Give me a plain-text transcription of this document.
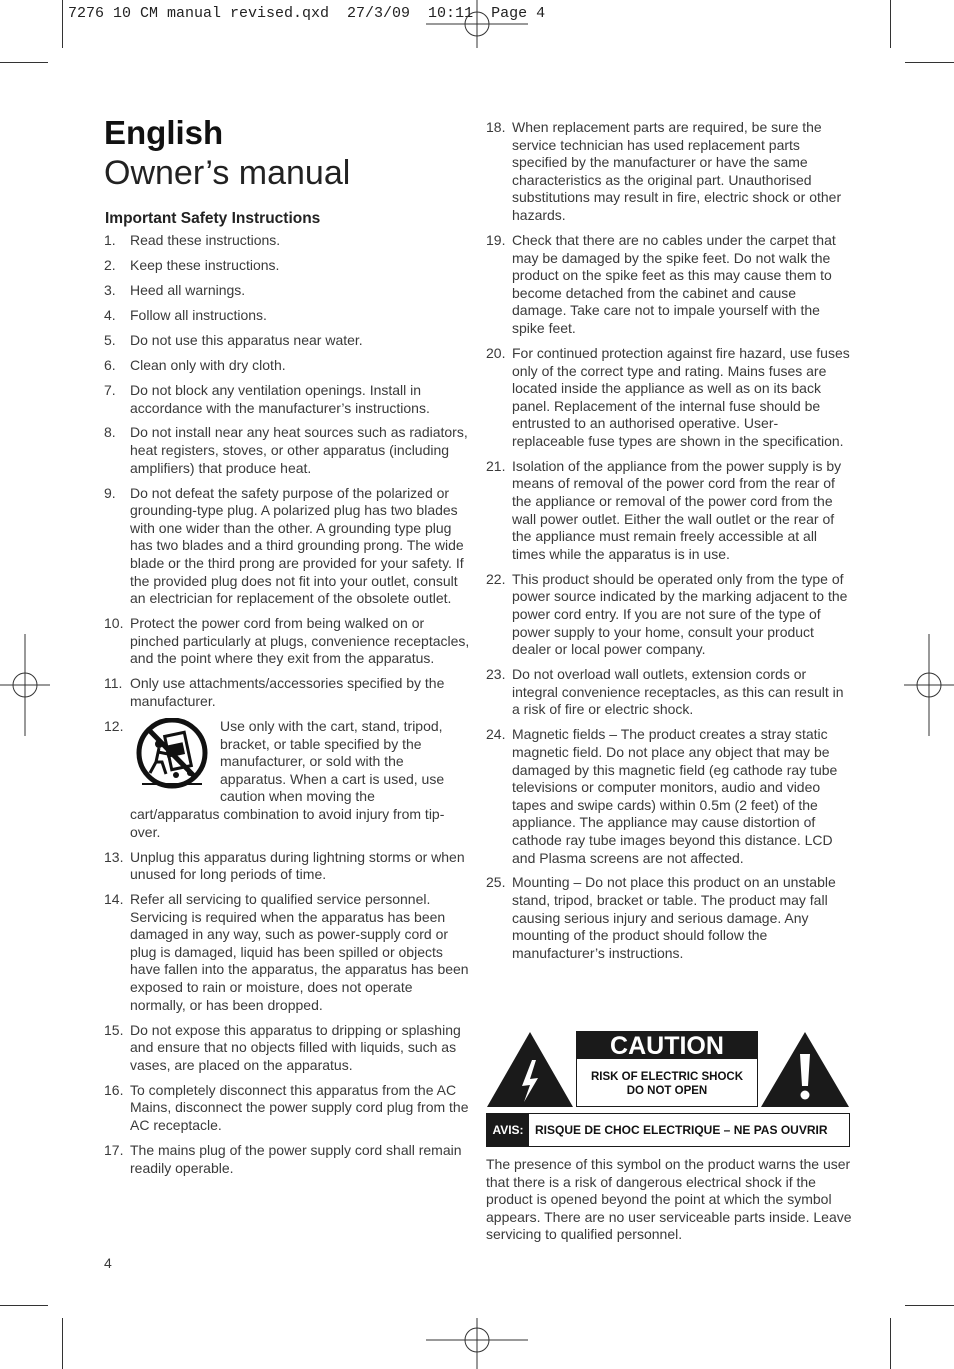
7276 10 CM manual revised.qxd  27/3/09  10:11  Page 4
English
Owner’s manual
Important Safety Instructions
1.	Read these instructions.
2.	Keep these instructions.
3.	Heed all warnings.
4.	Follow all instructions.
5.	Do not use this apparatus near water.
6.	Clean only with dry cloth.
7.	Do not block any ventilation openings. Install in accordance with the manufacturer’s instructions.
8.	Do not install near any heat sources such as radiators, heat registers, stoves, or other apparatus (including amplifiers) that produce heat.
9.	Do not defeat the safety purpose of the polarized or grounding-type plug. A polarized plug has two blades with one wider than the other. A grounding type plug has two blades and a third grounding prong. The wide blade or the third prong are provided for your safety. If the provided plug does not fit into your outlet, consult an electrician for replacement of the obsolete outlet.
10. Protect the power cord from being walked on or pinched particularly at plugs, convenience receptacles, and the point where they exit from the apparatus.
11. Only use attachments/accessories specified by the manufacturer.
12.	Use only with the cart, stand, tripod, bracket, or table specified by the manufacturer, or sold with the apparatus. When a cart is used, use caution when moving the
cart/apparatus combination to avoid injury from tip-over.
13. Unplug this apparatus during lightning storms or when unused for long periods of time.
14. Refer all servicing to qualified service personnel. Servicing is required when the apparatus has been damaged in any way, such as power-supply cord or plug is damaged, liquid has been spilled or objects have fallen into the apparatus, the apparatus has been exposed to rain or moisture, does not operate normally, or has been dropped.
15. Do not expose this apparatus to dripping or splashing and ensure that no objects filled with liquids, such as vases, are placed on the apparatus.
16. To completely disconnect this apparatus from the AC Mains, disconnect the power supply cord plug from the AC receptacle.
17. The mains plug of the power supply cord shall remain readily operable.
18. When replacement parts are required, be sure the service technician has used replacement parts specified by the manufacturer or have the same characteristics as the original part. Unauthorised substitutions may result in fire, electric shock or other hazards.
19. Check that there are no cables under the carpet that may be damaged by the spike feet. Do not walk the product on the spike feet as this may cause them to become detached from the cabinet and cause damage. Take care not to impale yourself with the spike feet.
20. For continued protection against fire hazard, use fuses only of the correct type and rating. Mains fuses are located inside the appliance as well as on its back panel. Replacement of the internal fuse should be entrusted to an authorised operative. User-replaceable fuse types are shown in the specification.
21. Isolation of the appliance from the power supply is by means of removal of the power cord from the rear of the appliance or removal of the power cord from the wall power outlet. Either the wall outlet or the rear of the appliance must remain freely accessible at all times while the apparatus is in use.
22. This product should be operated only from the type of power source indicated by the marking adjacent to the power cord entry. If you are not sure of the type of power supply to your home, consult your product dealer or local power company.
23. Do not overload wall outlets, extension cords or integral convenience receptacles, as this can result in a risk of fire or electric shock.
24. Magnetic fields – The product creates a stray static magnetic field. Do not place any object that may be damaged by this magnetic field (eg cathode ray tube televisions or computer monitors, audio and video tapes and swipe cards) within 0.5m (2 feet) of the appliance. The appliance may cause distortion of cathode ray tube images beyond this distance. LCD and Plasma screens are not affected.
25. Mounting – Do not place this product on an unstable stand, tripod, bracket or table. The product may fall causing serious injury and serious damage. Any mounting of the product should follow the manufacturer’s instructions.
CAUTION
RISK OF ELECTRIC SHOCK
DO NOT OPEN
AVIS: RISQUE DE CHOC ELECTRIQUE – NE PAS OUVRIR
The presence of this symbol on the product warns the user that there is a risk of dangerous electrical shock if the product is opened beyond the point at which the symbol appears. There are no user serviceable parts inside. Leave servicing to qualified personnel.
4
